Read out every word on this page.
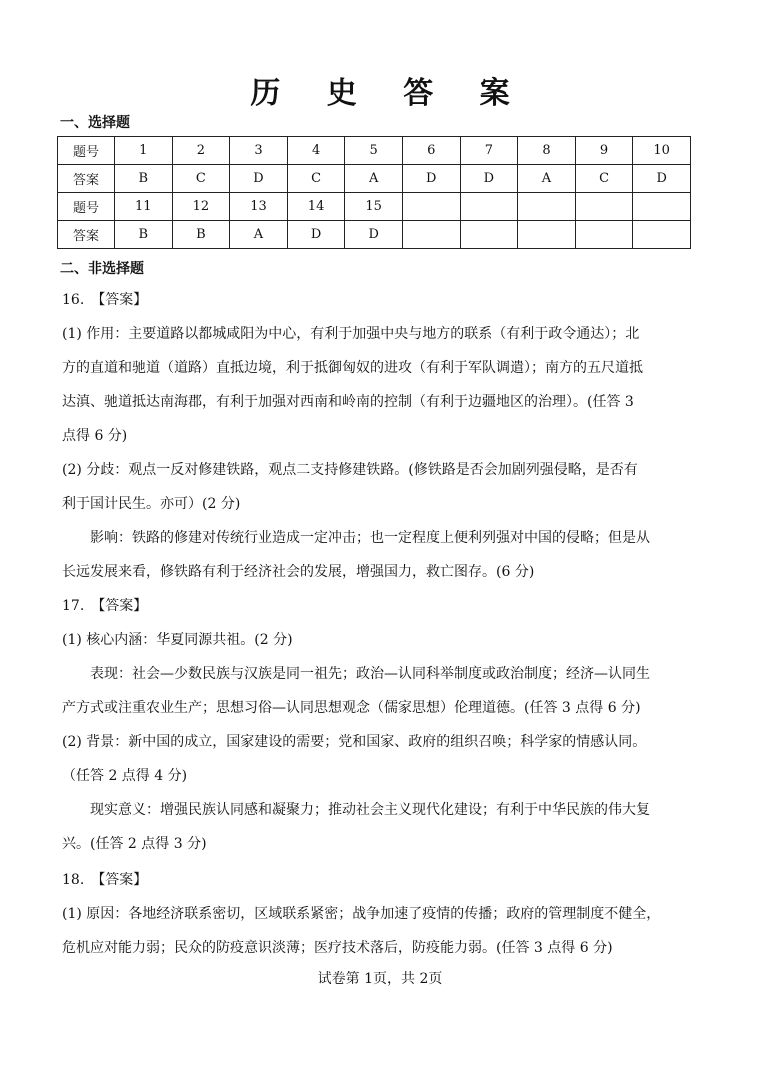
历 史 答 案
一、选择题
题号	1	2	3	4	5	6	7	8	9	10
答案	B	C	D	C	A	D	D	A	C	D
题号	11	12	13	14	15					
答案	B	B	A	D	D					
二、非选择题
16.　【答案】
(1) 作用：主要道路以都城咸阳为中心，有利于加强中央与地方的联系（有利于政令通达）；北
方的直道和驰道（道路）直抵边境，利于抵御匈奴的进攻（有利于军队调遣）；南方的五尺道抵
达滇、驰道抵达南海郡，有利于加强对西南和岭南的控制（有利于边疆地区的治理）。(任答 3
点得 6 分)
(2) 分歧：观点一反对修建铁路，观点二支持修建铁路。(修铁路是否会加剧列强侵略，是否有
利于国计民生。亦可）(2 分)
影响：铁路的修建对传统行业造成一定冲击；也一定程度上便利列强对中国的侵略；但是从
长远发展来看，修铁路有利于经济社会的发展，增强国力，救亡图存。(6 分)
17.　【答案】
(1) 核心内涵：华夏同源共祖。(2 分)
表现：社会—少数民族与汉族是同一祖先；政治—认同科举制度或政治制度；经济—认同生
产方式或注重农业生产；思想习俗—认同思想观念（儒家思想）伦理道德。(任答 3 点得 6 分)
(2) 背景：新中国的成立，国家建设的需要；党和国家、政府的组织召唤；科学家的情感认同。
（任答 2 点得 4 分)
现实意义：增强民族认同感和凝聚力；推动社会主义现代化建设；有利于中华民族的伟大复
兴。(任答 2 点得 3 分)
18.　【答案】
(1) 原因：各地经济联系密切，区域联系紧密；战争加速了疫情的传播；政府的管理制度不健全，
危机应对能力弱；民众的防疫意识淡薄；医疗技术落后，防疫能力弱。(任答 3 点得 6 分)
试卷第 1页，共 2页
